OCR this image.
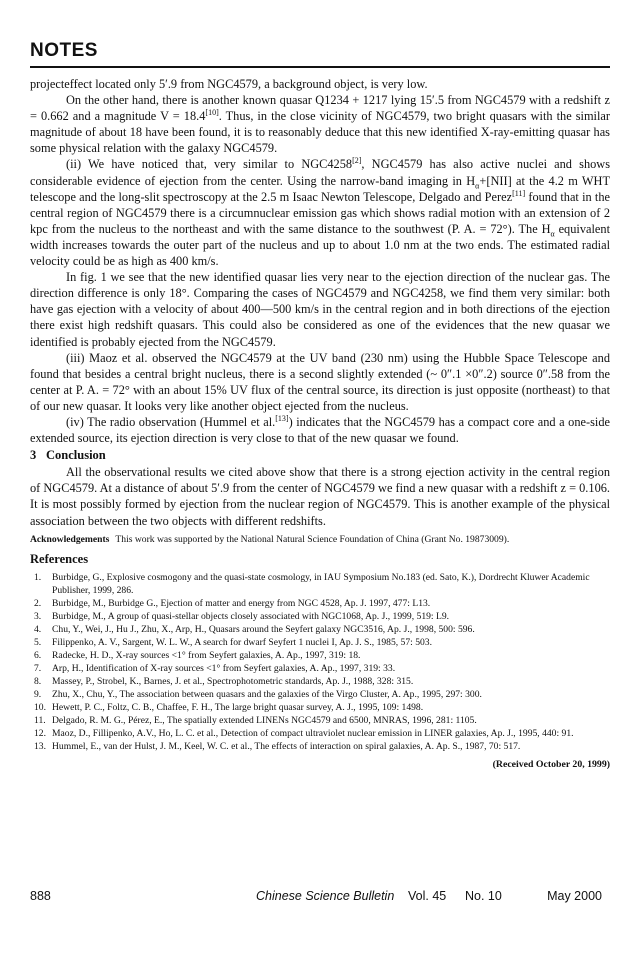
NOTES

projecteffect located only 5′.9 from NGC4579, a background object, is very low.

On the other hand, there is another known quasar Q1234 + 1217 lying 15′.5 from NGC4579 with a redshift z = 0.662 and a magnitude V = 18.4[10]. Thus, in the close vicinity of NGC4579, two bright quasars with the similar magnitude of about 18 have been found, it is to reasonably deduce that this new identified X-ray-emitting quasar has some physical relation with the galaxy NGC4579.

(ii) We have noticed that, very similar to NGC4258[2], NGC4579 has also active nuclei and shows considerable evidence of ejection from the center. Using the narrow-band imaging in $H_\alpha+[NII]$ at the 4.2 m WHT telescope and the long-slit spectroscopy at the 2.5 m Isaac Newton Telescope, Delgado and Perez[11] found that in the central region of NGC4579 there is a circumnuclear emission gas which shows radial motion with an extension of 2 kpc from the nucleus to the northeast and with the same distance to the southwest (P. A. = 72°). The $H_\alpha$ equivalent width increases towards the outer part of the nucleus and up to about 1.0 nm at the two ends. The estimated radial velocity could be as high as 400 km/s.

In fig. 1 we see that the new identified quasar lies very near to the ejection direction of the nuclear gas. The direction difference is only 18°. Comparing the cases of NGC4579 and NGC4258, we find them very similar: both have gas ejection with a velocity of about 400—500 km/s in the central region and in both directions of the ejection there exist high redshift quasars. This could also be considered as one of the evidences that the new quasar we identified is probably ejected from the NGC4579.

(iii) Maoz et al. observed the NGC4579 at the UV band (230 nm) using the Hubble Space Telescope and found that besides a central bright nucleus, there is a second slightly extended (~ 0″.1 ×0″.2) source 0″.58 from the center at P. A. = 72° with an about 15% UV flux of the central source, its direction is just opposite (northeast) to that of our new quasar. It looks very like another object ejected from the nucleus.

(iv) The radio observation (Hummel et al.[13]) indicates that the NGC4579 has a compact core and a one-side extended source, its ejection direction is very close to that of the new quasar we found.

3 Conclusion

All the observational results we cited above show that there is a strong ejection activity in the central region of NGC4579. At a distance of about 5′.9 from the center of NGC4579 we find a new quasar with a redshift z = 0.106. It is most possibly formed by ejection from the nuclear region of NGC4579. This is another example of the physical association between the two objects with different redshifts.

Acknowledgements This work was supported by the National Natural Science Foundation of China (Grant No. 19873009).
References
1.	Burbidge, G., Explosive cosmogony and the quasi-state cosmology, in IAU Symposium No.183 (ed. Sato, K.), Dordrecht Kluwer Academic Publisher, 1999, 286.
2.	Burbidge, M., Burbidge G., Ejection of matter and energy from NGC 4528, Ap. J. 1997, 477: L13.
3.	Burbidge, M., A group of quasi-stellar objects closely associated with NGC1068, Ap. J., 1999, 519: L9.
4.	Chu, Y., Wei, J., Hu J., Zhu, X., Arp, H., Quasars around the Seyfert galaxy NGC3516, Ap. J., 1998, 500: 596.
5.	Filippenko, A. V., Sargent, W. L. W., A search for dwarf Seyfert 1 nuclei I, Ap. J. S., 1985, 57: 503.
6.	Radecke, H. D., X-ray sources <1° from Seyfert galaxies, A. Ap., 1997, 319: 18.
7.	Arp, H., Identification of X-ray sources <1° from Seyfert galaxies, A. Ap., 1997, 319: 33.
8.	Massey, P., Strobel, K., Barnes, J. et al., Spectrophotometric standards, Ap. J., 1988, 328: 315.
9.	Zhu, X., Chu, Y., The association between quasars and the galaxies of the Virgo Cluster, A. Ap., 1995, 297: 300.
10. Hewett, P. C., Foltz, C. B., Chaffee, F. H., The large bright quasar survey, A. J., 1995, 109: 1498.
11. Delgado, R. M. G., Pérez, E., The spatially extended LINENs NGC4579 and 6500, MNRAS, 1996, 281: 1105.
12. Maoz, D., Fillipenko, A.V., Ho, L. C. et al., Detection of compact ultraviolet nuclear emission in LINER galaxies, Ap. J., 1995, 440: 91.
13. Hummel, E., van der Hulst, J. M., Keel, W. C. et al., The effects of interaction on spiral galaxies, A. Ap. S., 1987, 70: 517.
(Received October 20, 1999)
888	Chinese Science Bulletin Vol. 45 No. 10	May 2000
